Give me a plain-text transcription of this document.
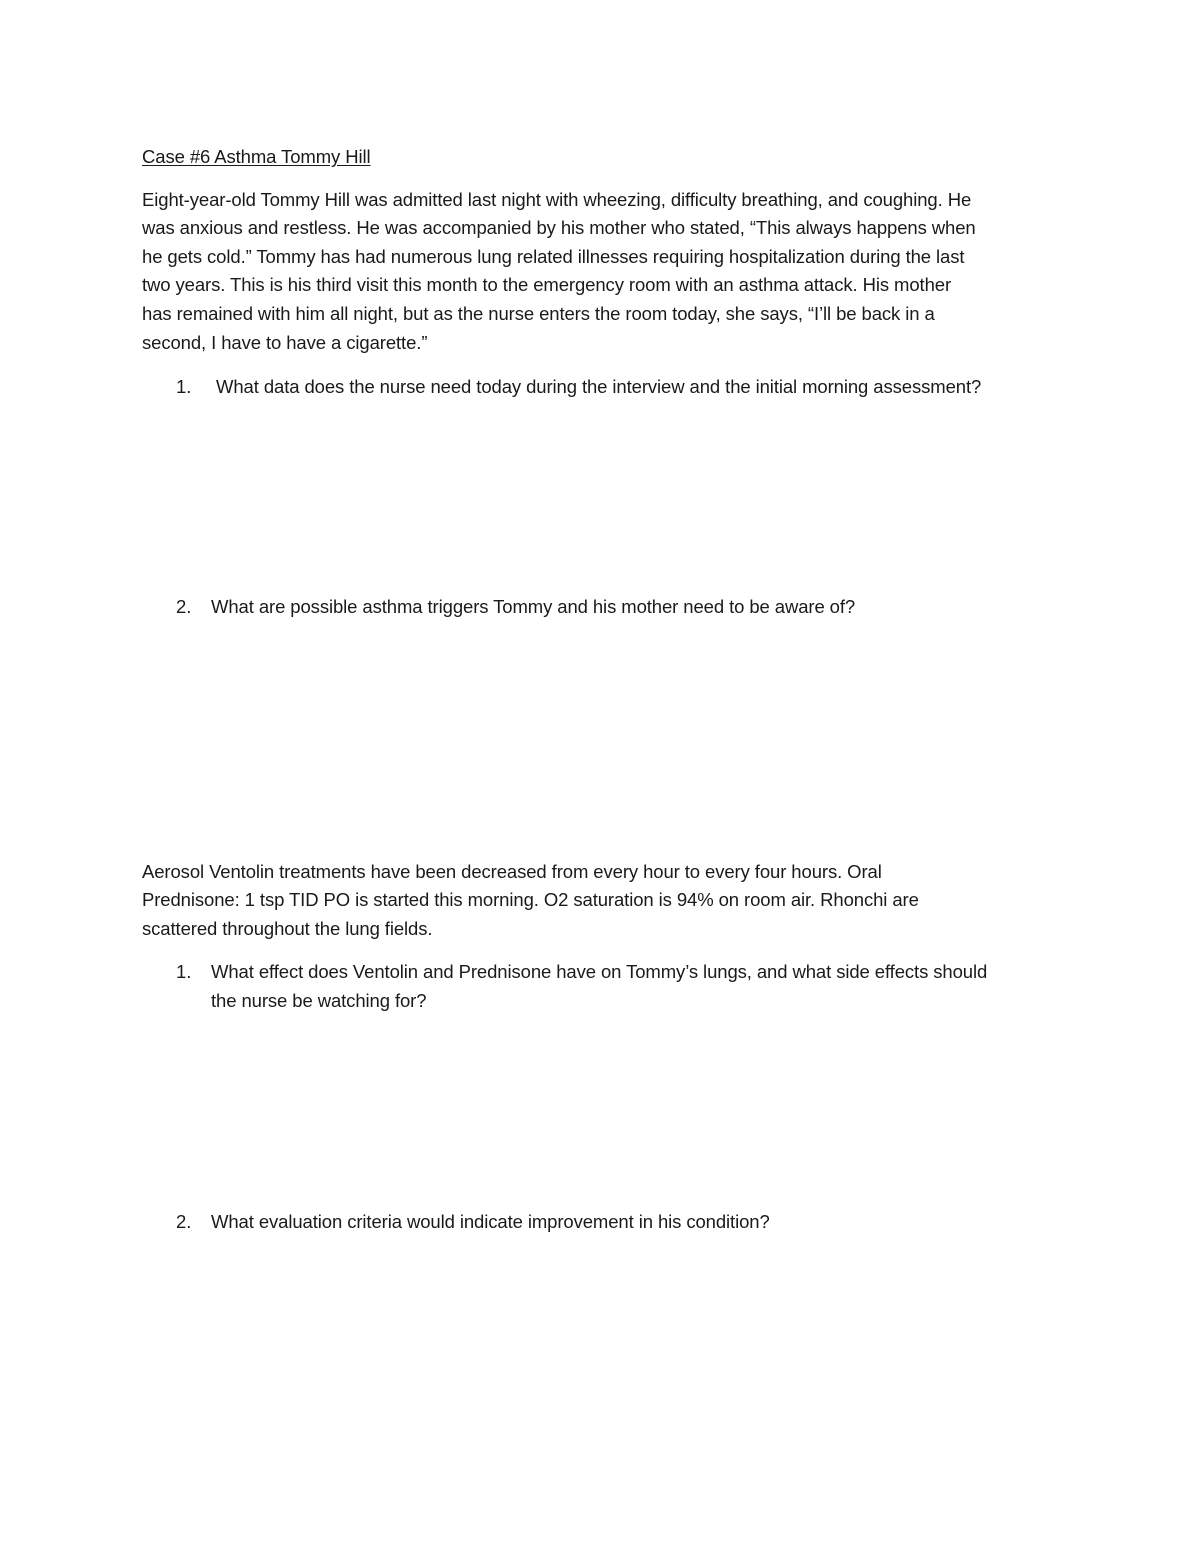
Case #6 Asthma Tommy Hill
Eight-year-old Tommy Hill was admitted last night with wheezing, difficulty breathing, and coughing. He
was anxious and restless. He was accompanied by his mother who stated, “This always happens when
he gets cold.” Tommy has had numerous lung related illnesses requiring hospitalization during the last
two years. This is his third visit this month to the emergency room with an asthma attack. His mother
has remained with him all night, but as the nurse enters the room today, she says, “I’ll be back in a
second, I have to have a cigarette.”
1. What data does the nurse need today during the interview and the initial morning assessment?
2. What are possible asthma triggers Tommy and his mother need to be aware of?
Aerosol Ventolin treatments have been decreased from every hour to every four hours. Oral
Prednisone: 1 tsp TID PO is started this morning. O2 saturation is 94% on room air. Rhonchi are
scattered throughout the lung fields.
1. What effect does Ventolin and Prednisone have on Tommy’s lungs, and what side effects should
the nurse be watching for?
2. What evaluation criteria would indicate improvement in his condition?
